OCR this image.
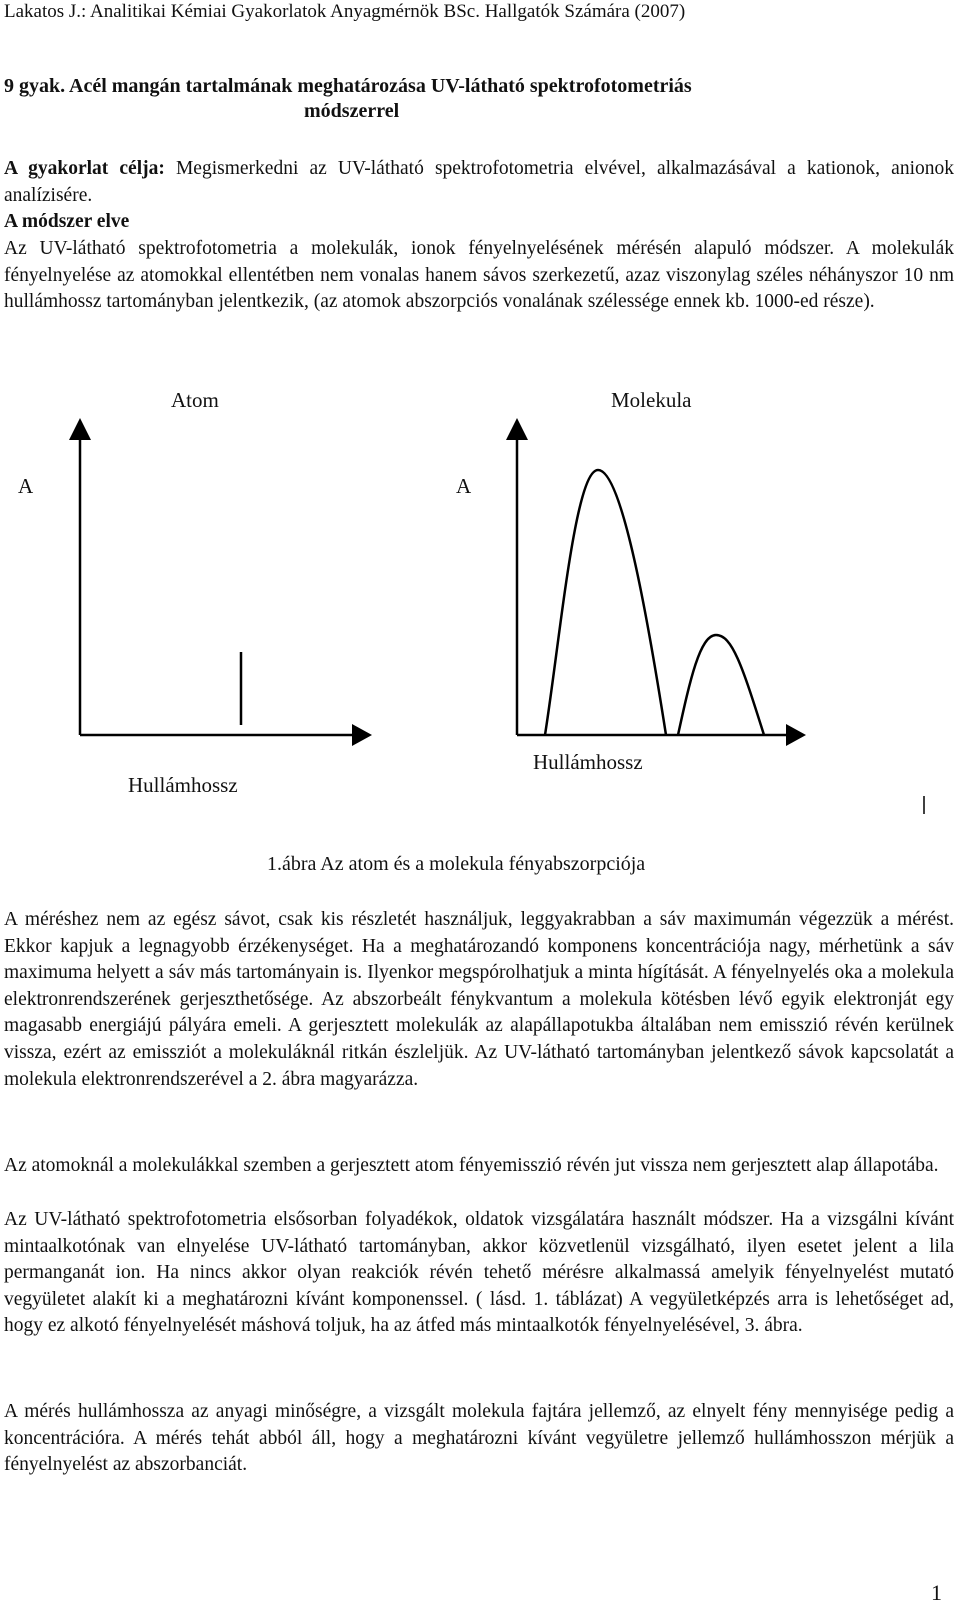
Lakatos J.: Analitikai Kémiai Gyakorlatok Anyagmérnök BSc. Hallgatók Számára (2007)
9 gyak. Acél mangán tartalmának meghatározása UV-látható spektrofotometriás
módszerrel

A gyakorlat célja: Megismerkedni az UV-látható spektrofotometria elvével, alkalmazásával a kationok, anionok analízisére.

A módszer elve

Az UV-látható spektrofotometria a molekulák, ionok fényelnyelésének mérésén alapuló módszer. A molekulák fényelnyelése az atomokkal ellentétben nem vonalas hanem sávos szerkezetű, azaz viszonylag széles néhányszor 10 nm hullámhossz tartományban jelentkezik, (az atomok abszorpciós vonalának szélessége ennek kb. 1000-ed része).

Atom	Molekula
A	A
Hullámhossz
Hullámhossz
1.ábra Az atom és a molekula fényabszorpciója

A méréshez nem az egész sávot, csak kis részletét használjuk, leggyakrabban a sáv maximumán végezzük a mérést. Ekkor kapjuk a legnagyobb érzékenységet. Ha a meghatározandó komponens koncentrációja nagy, mérhetünk a sáv maximuma helyett a sáv más tartományain is. Ilyenkor megspórolhatjuk a minta hígítását. A fényelnyelés oka a molekula elektronrendszerének gerjeszthetősége. Az abszorbeált fénykvantum a molekula kötésben lévő egyik elektronját egy magasabb energiájú pályára emeli. A gerjesztett molekulák az alapállapotukba általában nem emisszió révén kerülnek vissza, ezért az emissziót a molekuláknál ritkán észleljük. Az UV-látható tartományban jelentkező sávok kapcsolatát a molekula elektronrendszerével a 2. ábra magyarázza.

Az atomoknál a molekulákkal szemben a gerjesztett atom fényemisszió révén jut vissza nem gerjesztett alap állapotába.

Az UV-látható spektrofotometria elsősorban folyadékok, oldatok vizsgálatára használt módszer. Ha a vizsgálni kívánt mintaalkotónak van elnyelése UV-látható tartományban, akkor közvetlenül vizsgálható, ilyen esetet jelent a lila permanganát ion. Ha nincs akkor olyan reakciók révén tehető mérésre alkalmassá amelyik fényelnyelést mutató vegyületet alakít ki a meghatározni kívánt komponenssel. ( lásd. 1. táblázat) A vegyületképzés arra is lehetőséget ad, hogy ez alkotó fényelnyelését máshová toljuk, ha az átfed más mintaalkotók fényelnyelésével, 3. ábra.

A mérés hullámhossza az anyagi minőségre, a vizsgált molekula fajtára jellemző, az elnyelt fény mennyisége pedig a koncentrációra. A mérés tehát abból áll, hogy a meghatározni kívánt vegyületre jellemző hullámhosszon mérjük a fényelnyelést az abszorbanciát.

1
